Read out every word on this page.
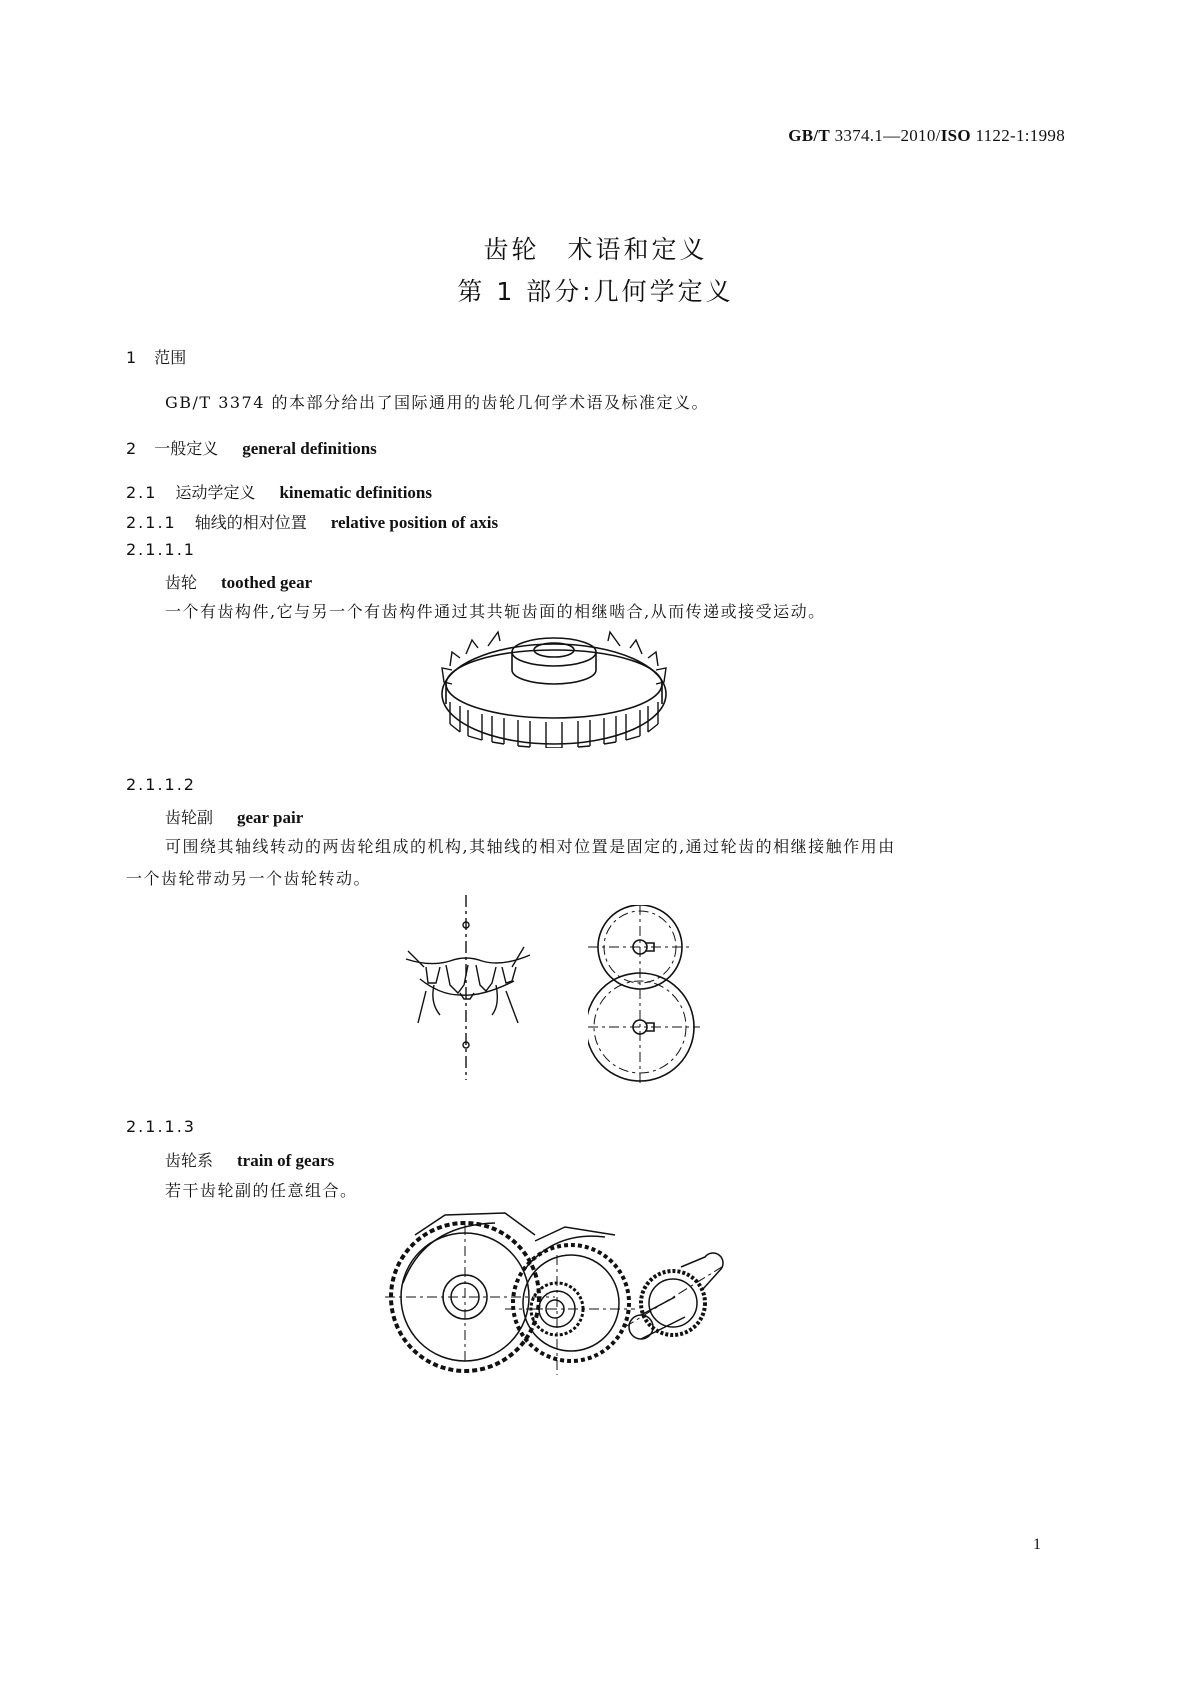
GB/T 3374.1—2010/ISO 1122-1:1998
齿轮　术语和定义
第 1 部分:几何学定义
1 范围
GB/T 3374 的本部分给出了国际通用的齿轮几何学术语及标准定义。
2 一般定义 general definitions
2.1 运动学定义 kinematic definitions
2.1.1 轴线的相对位置 relative position of axis
2.1.1.1
齿轮 toothed gear
一个有齿构件,它与另一个有齿构件通过其共轭齿面的相继啮合,从而传递或接受运动。
2.1.1.2
齿轮副 gear pair
可围绕其轴线转动的两齿轮组成的机构,其轴线的相对位置是固定的,通过轮齿的相继接触作用由
一个齿轮带动另一个齿轮转动。
2.1.1.3
齿轮系 train of gears
若干齿轮副的任意组合。
1
